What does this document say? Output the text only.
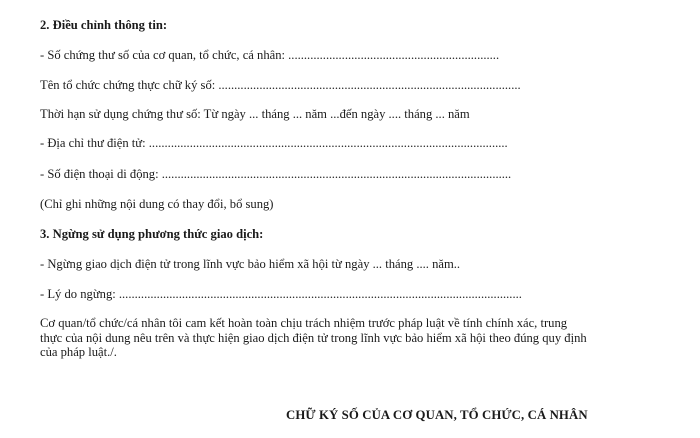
2. Điều chỉnh thông tin:
- Số chứng thư số của cơ quan, tổ chức, cá nhân: ...................................................................
Tên tổ chức chứng thực chữ ký số: ................................................................................................
Thời hạn sử dụng chứng thư số: Từ ngày ... tháng ... năm ...đến ngày .... tháng ... năm
- Địa chỉ thư điện tử: ..................................................................................................................
- Số điện thoại di động: ...............................................................................................................
(Chỉ ghi những nội dung có thay đổi, bổ sung)
3. Ngừng sử dụng phương thức giao dịch:
- Ngừng giao dịch điện tử trong lĩnh vực bảo hiểm xã hội từ ngày ... tháng .... năm..
- Lý do ngừng: ................................................................................................................................
Cơ quan/tổ chức/cá nhân tôi cam kết hoàn toàn chịu trách nhiệm trước pháp luật về tính chính xác, trung
thực của nội dung nêu trên và thực hiện giao dịch điện tử trong lĩnh vực bảo hiểm xã hội theo đúng quy định
của pháp luật./.
CHỮ KÝ SỐ CỦA CƠ QUAN, TỔ CHỨC, CÁ NHÂN
